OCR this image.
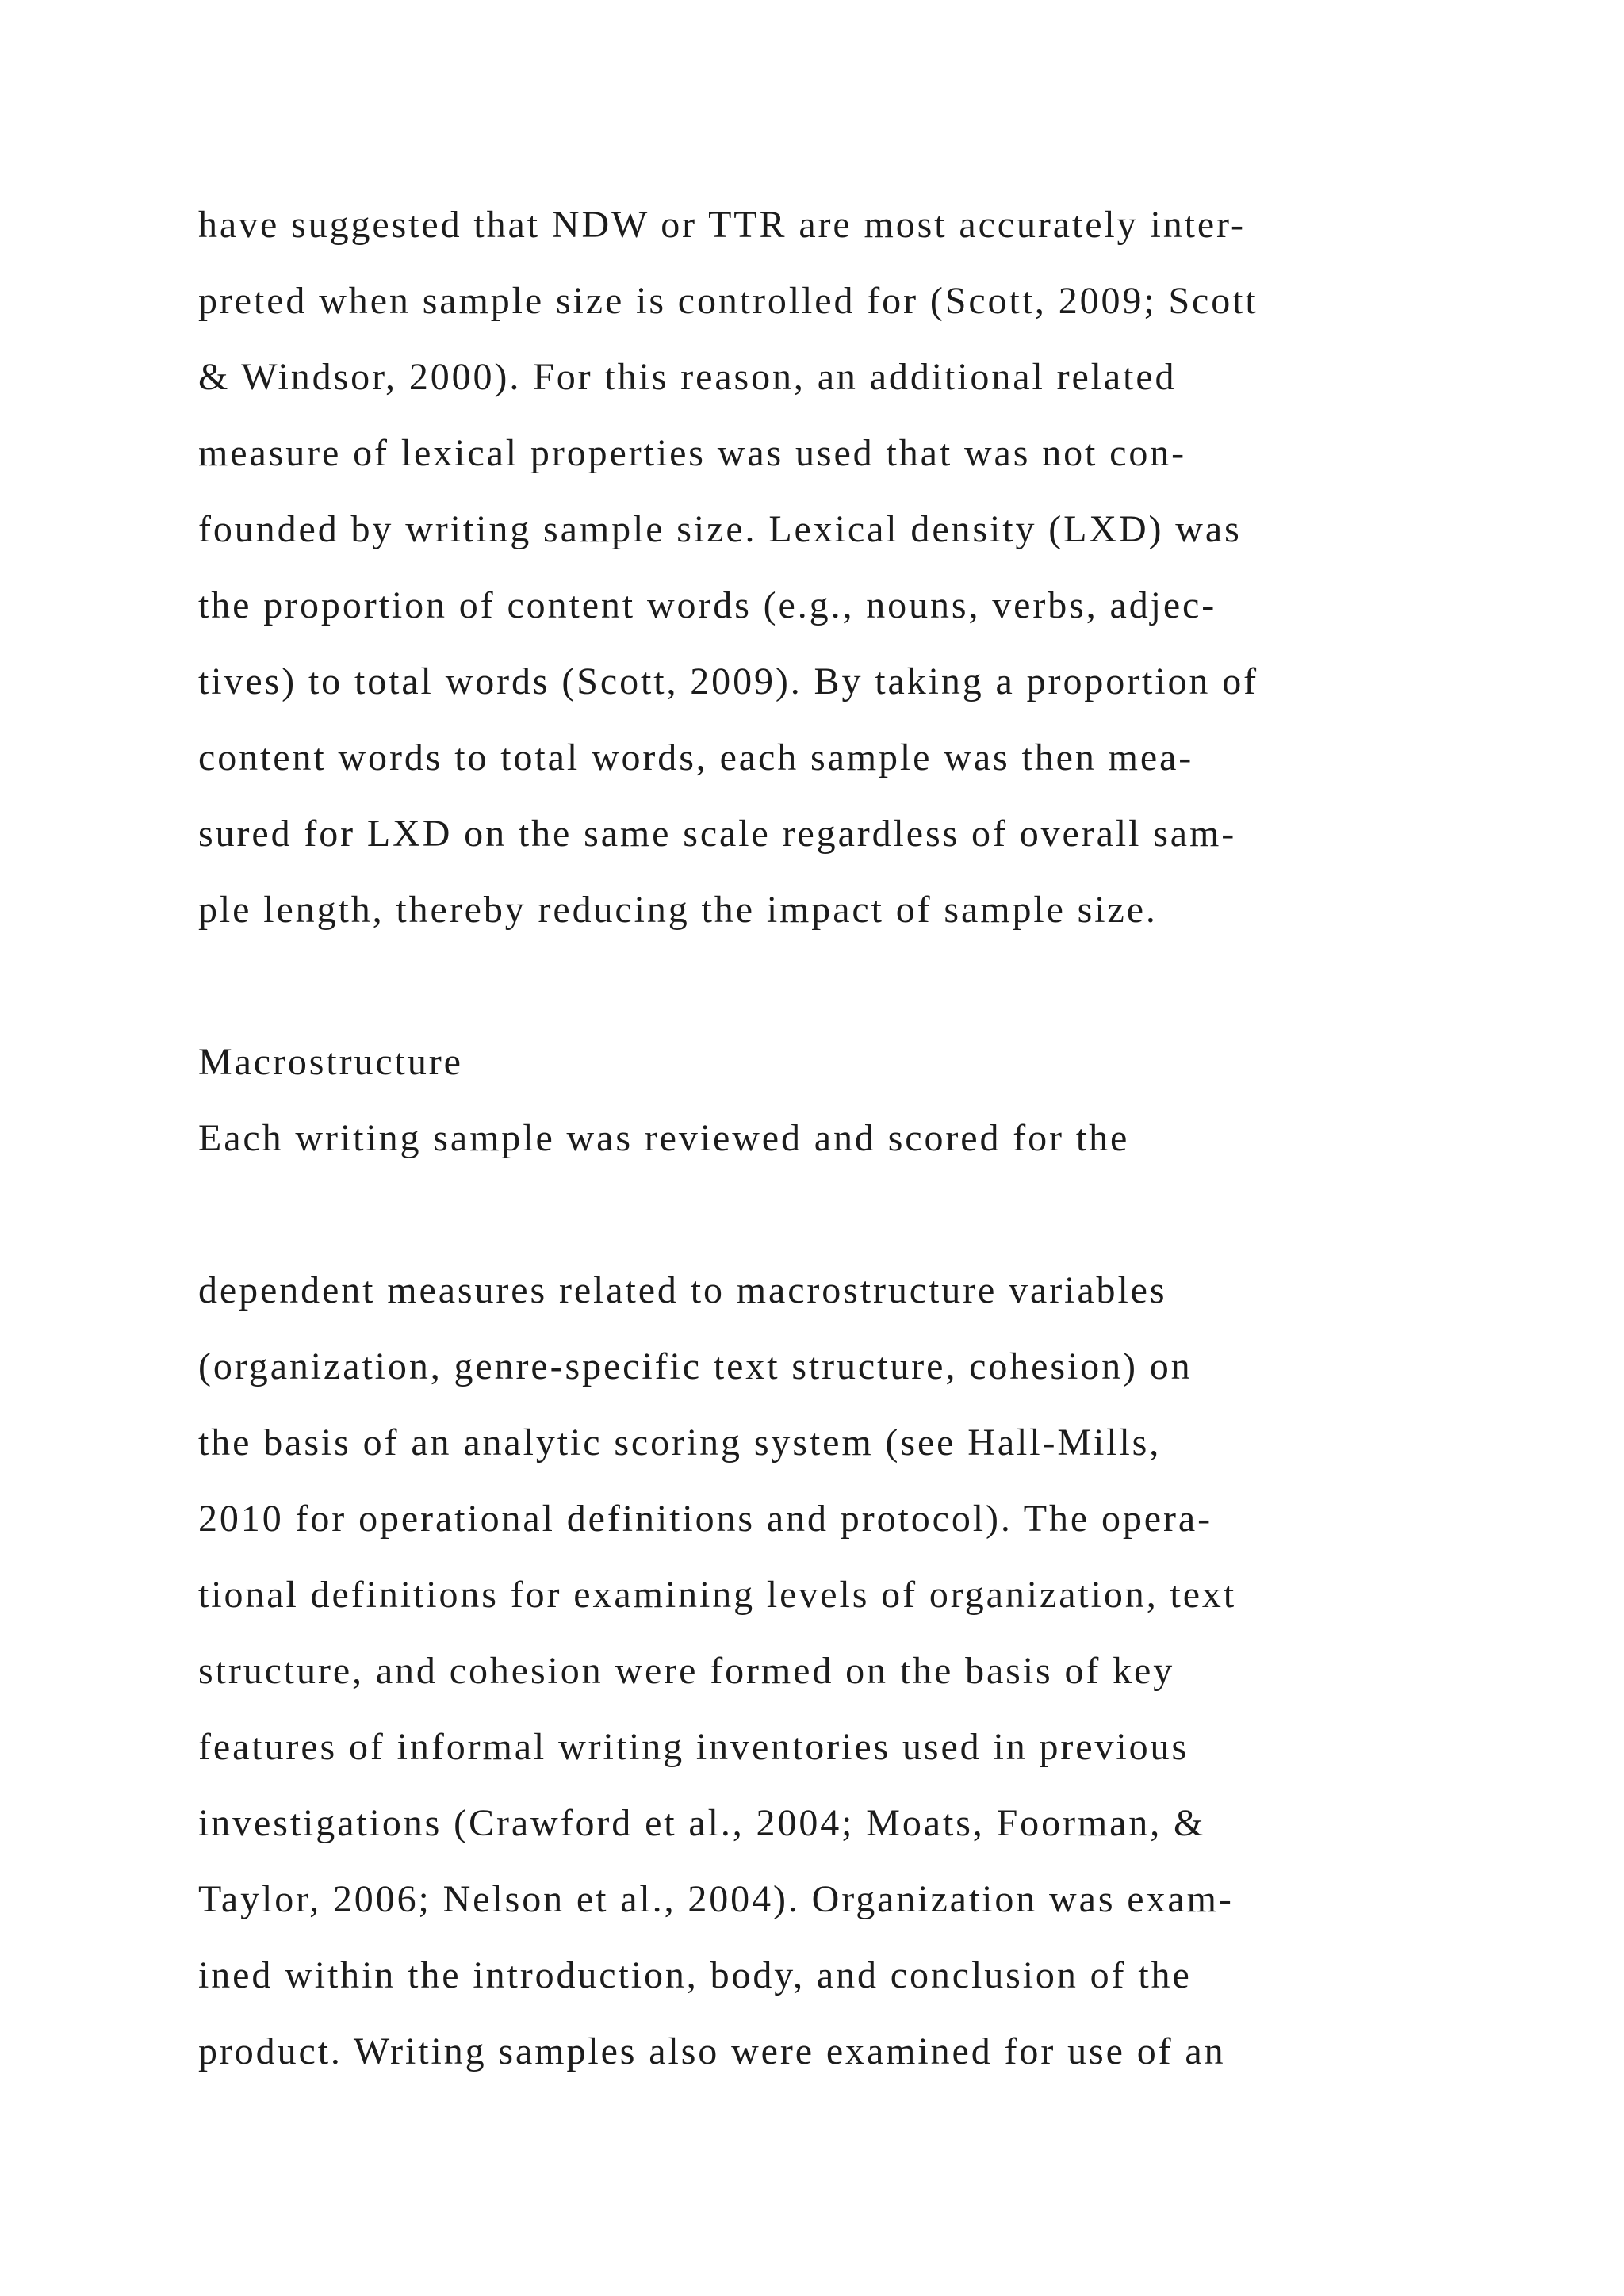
have suggested that NDW or TTR are most accurately inter-

preted when sample size is controlled for (Scott, 2009; Scott

& Windsor, 2000). For this reason, an additional related

measure of lexical properties was used that was not con-

founded by writing sample size. Lexical density (LXD) was

the proportion of content words (e.g., nouns, verbs, adjec-

tives) to total words (Scott, 2009). By taking a proportion of

content words to total words, each sample was then mea-

sured for LXD on the same scale regardless of overall sam-

ple length, thereby reducing the impact of sample size.

Macrostructure

Each writing sample was reviewed and scored for the

dependent measures related to macrostructure variables

(organization, genre-specific text structure, cohesion) on

the basis of an analytic scoring system (see Hall-Mills,

2010 for operational definitions and protocol). The opera-

tional definitions for examining levels of organization, text

structure, and cohesion were formed on the basis of key

features of informal writing inventories used in previous

investigations (Crawford et al., 2004; Moats, Foorman, &

Taylor, 2006; Nelson et al., 2004). Organization was exam-

ined within the introduction, body, and conclusion of the

product. Writing samples also were examined for use of an
